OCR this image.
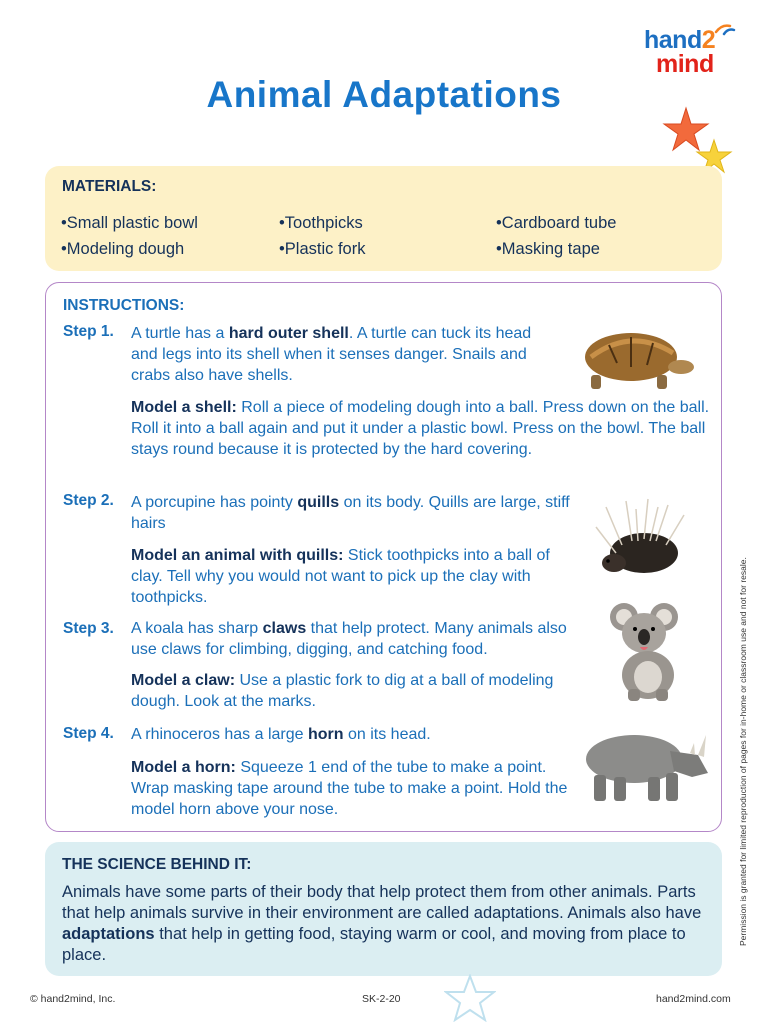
hand2
mind
Animal Adaptations
MATERIALS:
• Small plastic bowl
• Modeling dough
• Toothpicks
• Plastic fork
• Cardboard tube
• Masking tape
INSTRUCTIONS:
Step 1. A turtle has a hard outer shell. A turtle can tuck its head and legs into its shell when it senses danger. Snails and crabs also have shells.

Model a shell: Roll a piece of modeling dough into a ball. Press down on the ball. Roll it into a ball again and put it under a plastic bowl. Press on the bowl. The ball stays round because it is protected by the hard covering.

Step 2. A porcupine has pointy quills on its body. Quills are large, stiff hairs

Model an animal with quills: Stick toothpicks into a ball of clay. Tell why you would not want to pick up the clay with toothpicks.

Step 3. A koala has sharp claws that help protect. Many animals also use claws for climbing, digging, and catching food.

Model a claw: Use a plastic fork to dig at a ball of modeling dough. Look at the marks.

Step 4. A rhinoceros has a large horn on its head.

Model a horn: Squeeze 1 end of the tube to make a point. Wrap masking tape around the tube to make a point. Hold the model horn above your nose.

THE SCIENCE BEHIND IT:

Animals have some parts of their body that help protect them from other animals. Parts that help animals survive in their environment are called adaptations. Animals also have adaptations that help in getting food, staying warm or cool, and moving from place to place.

Permission is granted for limited reproduction of pages for in-home or classroom use and not for resale.
© hand2mind, Inc.	SK-2-20	hand2mind.com
